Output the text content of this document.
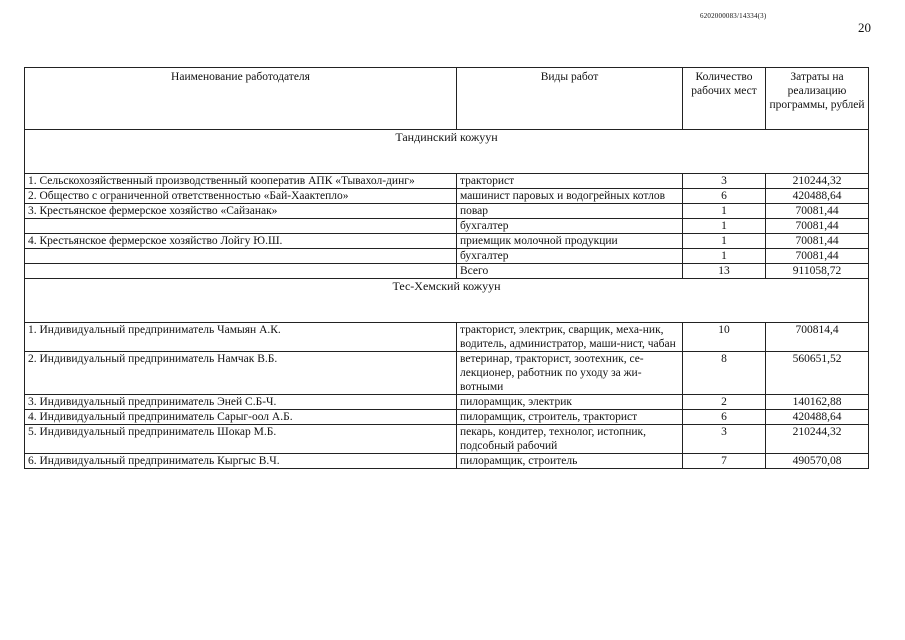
6202000083/14334(3)
20
Наименование работодателя	Виды работ	Количество рабочих мест	Затраты на реализацию программы, рублей
Тандинский кожуун			
1. Сельскохозяйственный производственный кооператив АПК «Тывахол-динг»	тракторист	3	210244,32
2. Общество с ограниченной ответственностью «Бай-Хаактепло»	машинист паровых и водогрейных котлов	6	420488,64
3. Крестьянское фермерское хозяйство «Сайзанак»	повар	1	70081,44
	бухгалтер	1	70081,44
4. Крестьянское фермерское хозяйство Лойгу Ю.Ш.	приемщик молочной продукции	1	70081,44
	бухгалтер	1	70081,44
	Всего	13	911058,72
Тес-Хемский кожуун			
1. Индивидуальный предприниматель Чамыян А.К.	тракторист, электрик, сварщик, меха-ник, водитель, администратор, маши-нист, чабан	10	700814,4
2. Индивидуальный предприниматель Намчак В.Б.	ветеринар, тракторист, зоотехник, се-лекционер, работник по уходу за жи-вотными	8	560651,52
3. Индивидуальный предприниматель Эней С.Б-Ч.	пилорамщик, электрик	2	140162,88
4. Индивидуальный предприниматель Сарыг-оол А.Б.	пилорамщик, строитель, тракторист	6	420488,64
5. Индивидуальный предприниматель Шокар М.Б.	пекарь, кондитер, технолог, истопник, подсобный рабочий	3	210244,32
6. Индивидуальный предприниматель Кыргыс В.Ч.	пилорамщик, строитель	7	490570,08
